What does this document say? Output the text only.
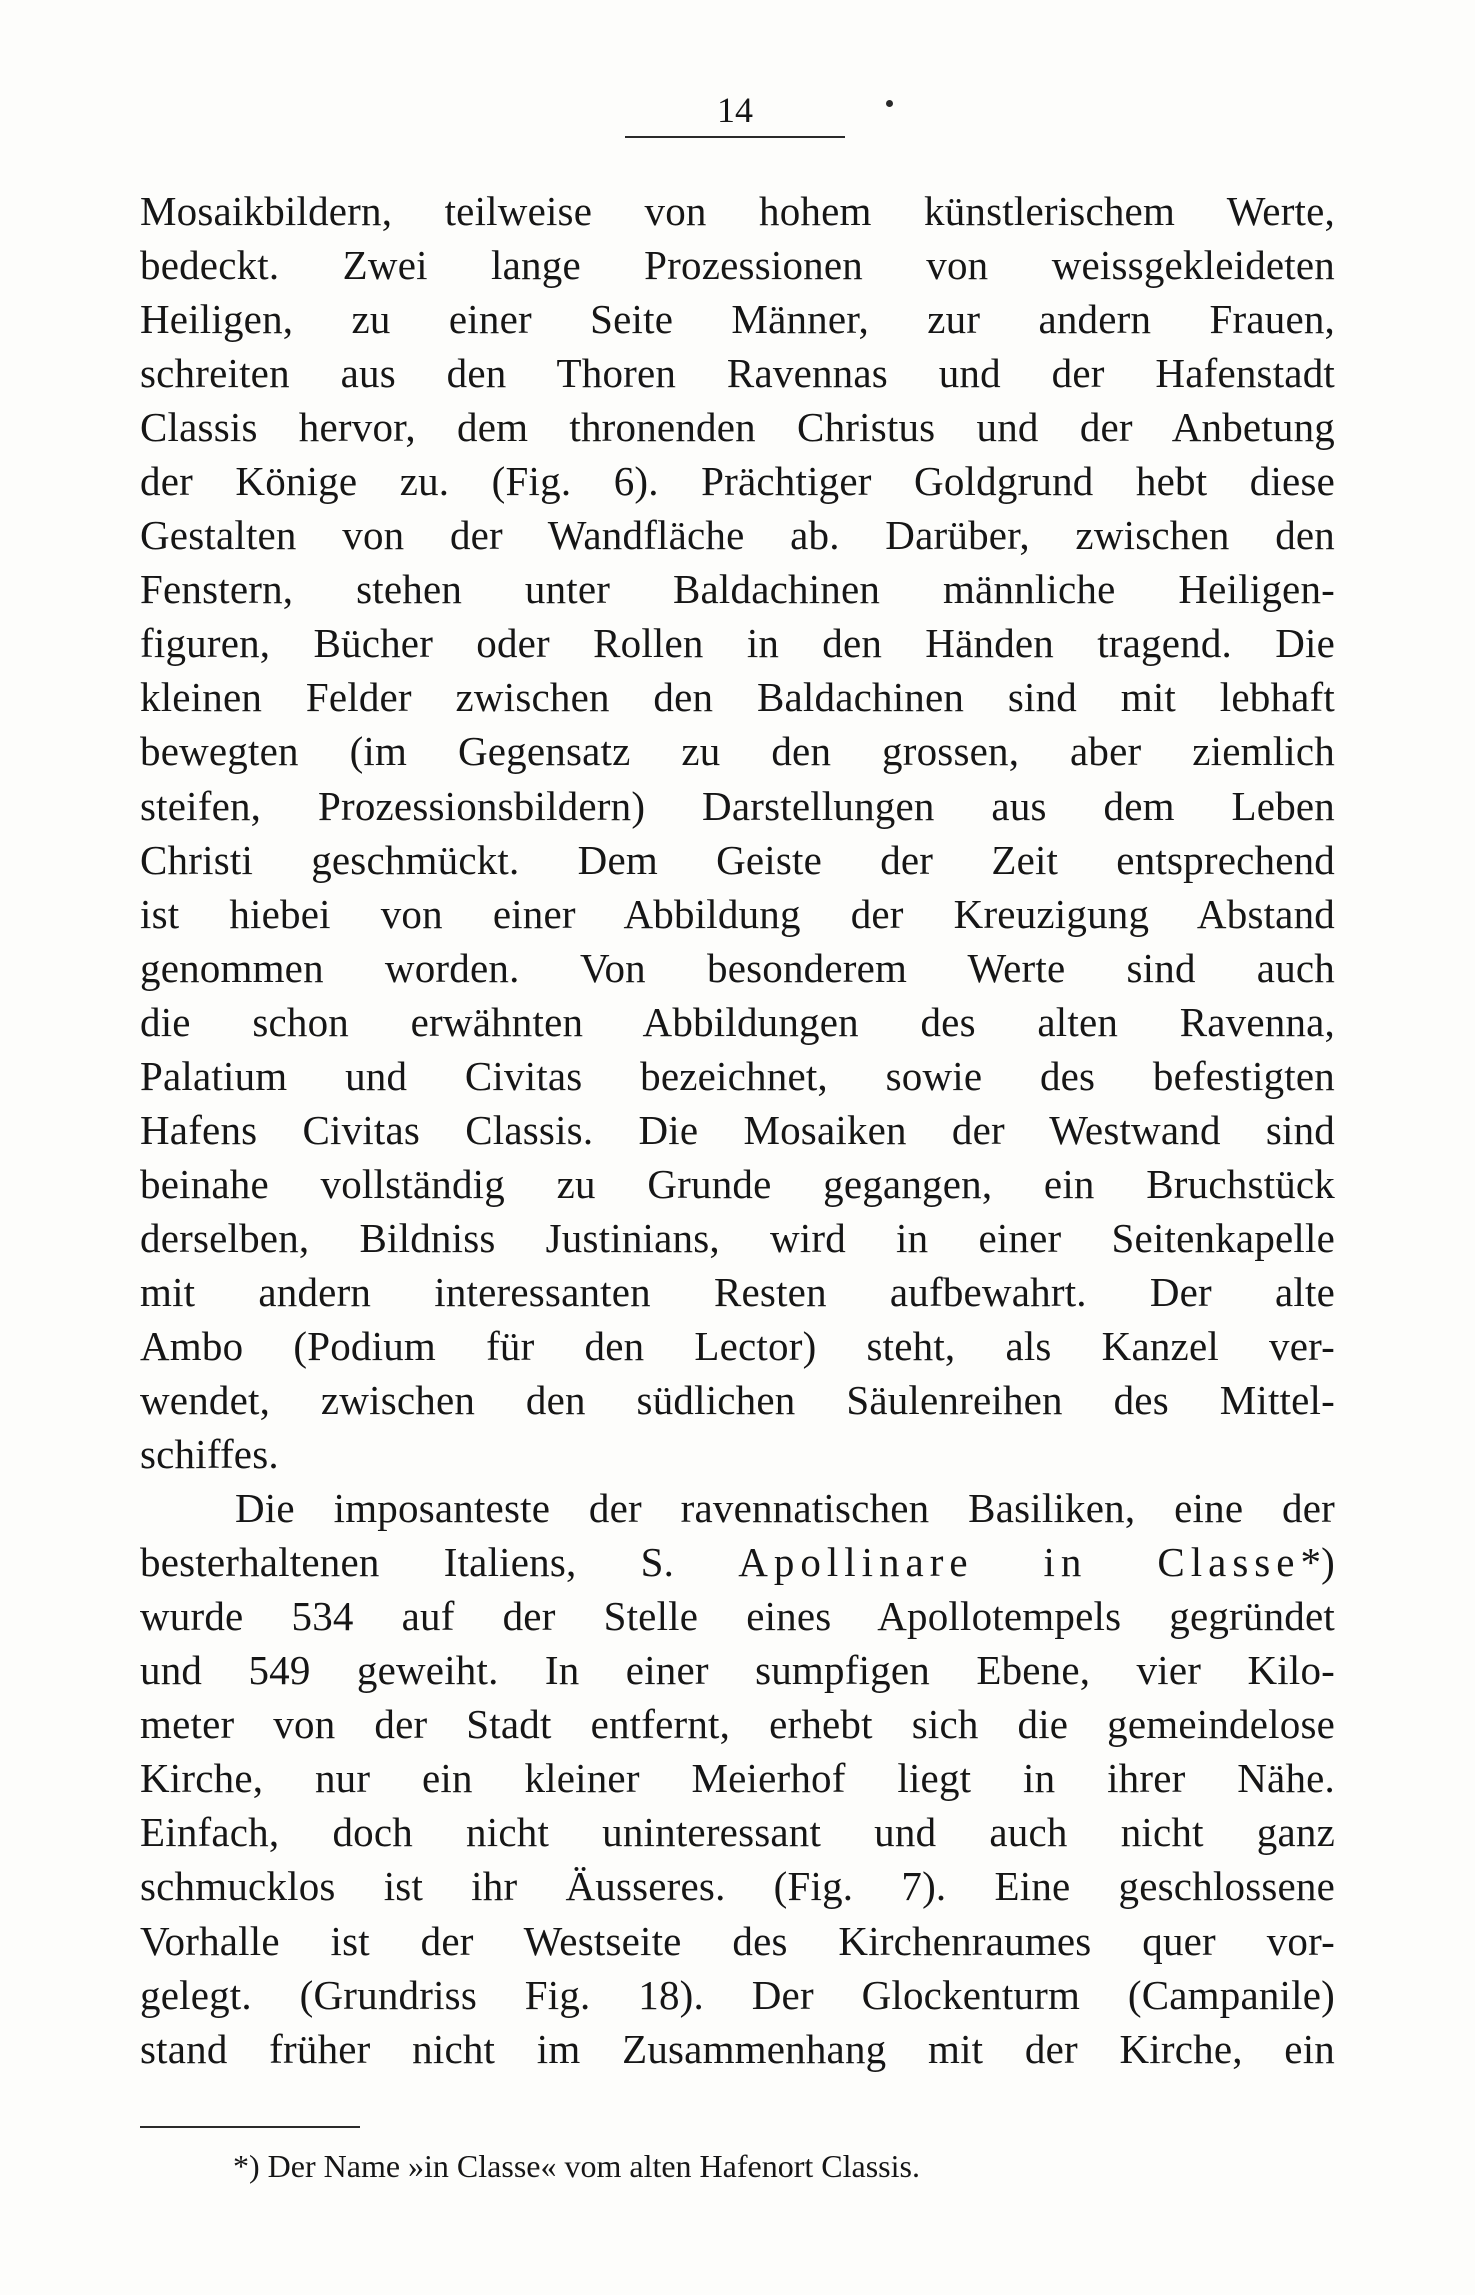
14
Mosaikbildern, teilweise von hohem künstlerischem Werte,
bedeckt. Zwei lange Prozessionen von weissgekleideten
Heiligen, zu einer Seite Männer, zur andern Frauen,
schreiten aus den Thoren Ravennas und der Hafenstadt
Classis hervor, dem thronenden Christus und der Anbetung
der Könige zu. (Fig. 6). Prächtiger Goldgrund hebt diese
Gestalten von der Wandfläche ab. Darüber, zwischen den
Fenstern, stehen unter Baldachinen männliche Heiligen-
figuren, Bücher oder Rollen in den Händen tragend. Die
kleinen Felder zwischen den Baldachinen sind mit lebhaft
bewegten (im Gegensatz zu den grossen, aber ziemlich
steifen, Prozessionsbildern) Darstellungen aus dem Leben
Christi geschmückt. Dem Geiste der Zeit entsprechend
ist hiebei von einer Abbildung der Kreuzigung Abstand
genommen worden. Von besonderem Werte sind auch
die schon erwähnten Abbildungen des alten Ravenna,
Palatium und Civitas bezeichnet, sowie des befestigten
Hafens Civitas Classis. Die Mosaiken der Westwand sind
beinahe vollständig zu Grunde gegangen, ein Bruchstück
derselben, Bildniss Justinians, wird in einer Seitenkapelle
mit andern interessanten Resten aufbewahrt. Der alte
Ambo (Podium für den Lector) steht, als Kanzel ver-
wendet, zwischen den südlichen Säulenreihen des Mittel-
schiffes.
Die imposanteste der ravennatischen Basiliken, eine der
besterhaltenen Italiens, S. Apollinare in Classe*)
wurde 534 auf der Stelle eines Apollotempels gegründet
und 549 geweiht. In einer sumpfigen Ebene, vier Kilo-
meter von der Stadt entfernt, erhebt sich die gemeindelose
Kirche, nur ein kleiner Meierhof liegt in ihrer Nähe.
Einfach, doch nicht uninteressant und auch nicht ganz
schmucklos ist ihr Äusseres. (Fig. 7). Eine geschlossene
Vorhalle ist der Westseite des Kirchenraumes quer vor-
gelegt. (Grundriss Fig. 18). Der Glockenturm (Campanile)
stand früher nicht im Zusammenhang mit der Kirche, ein
*) Der Name »in Classe« vom alten Hafenort Classis.
